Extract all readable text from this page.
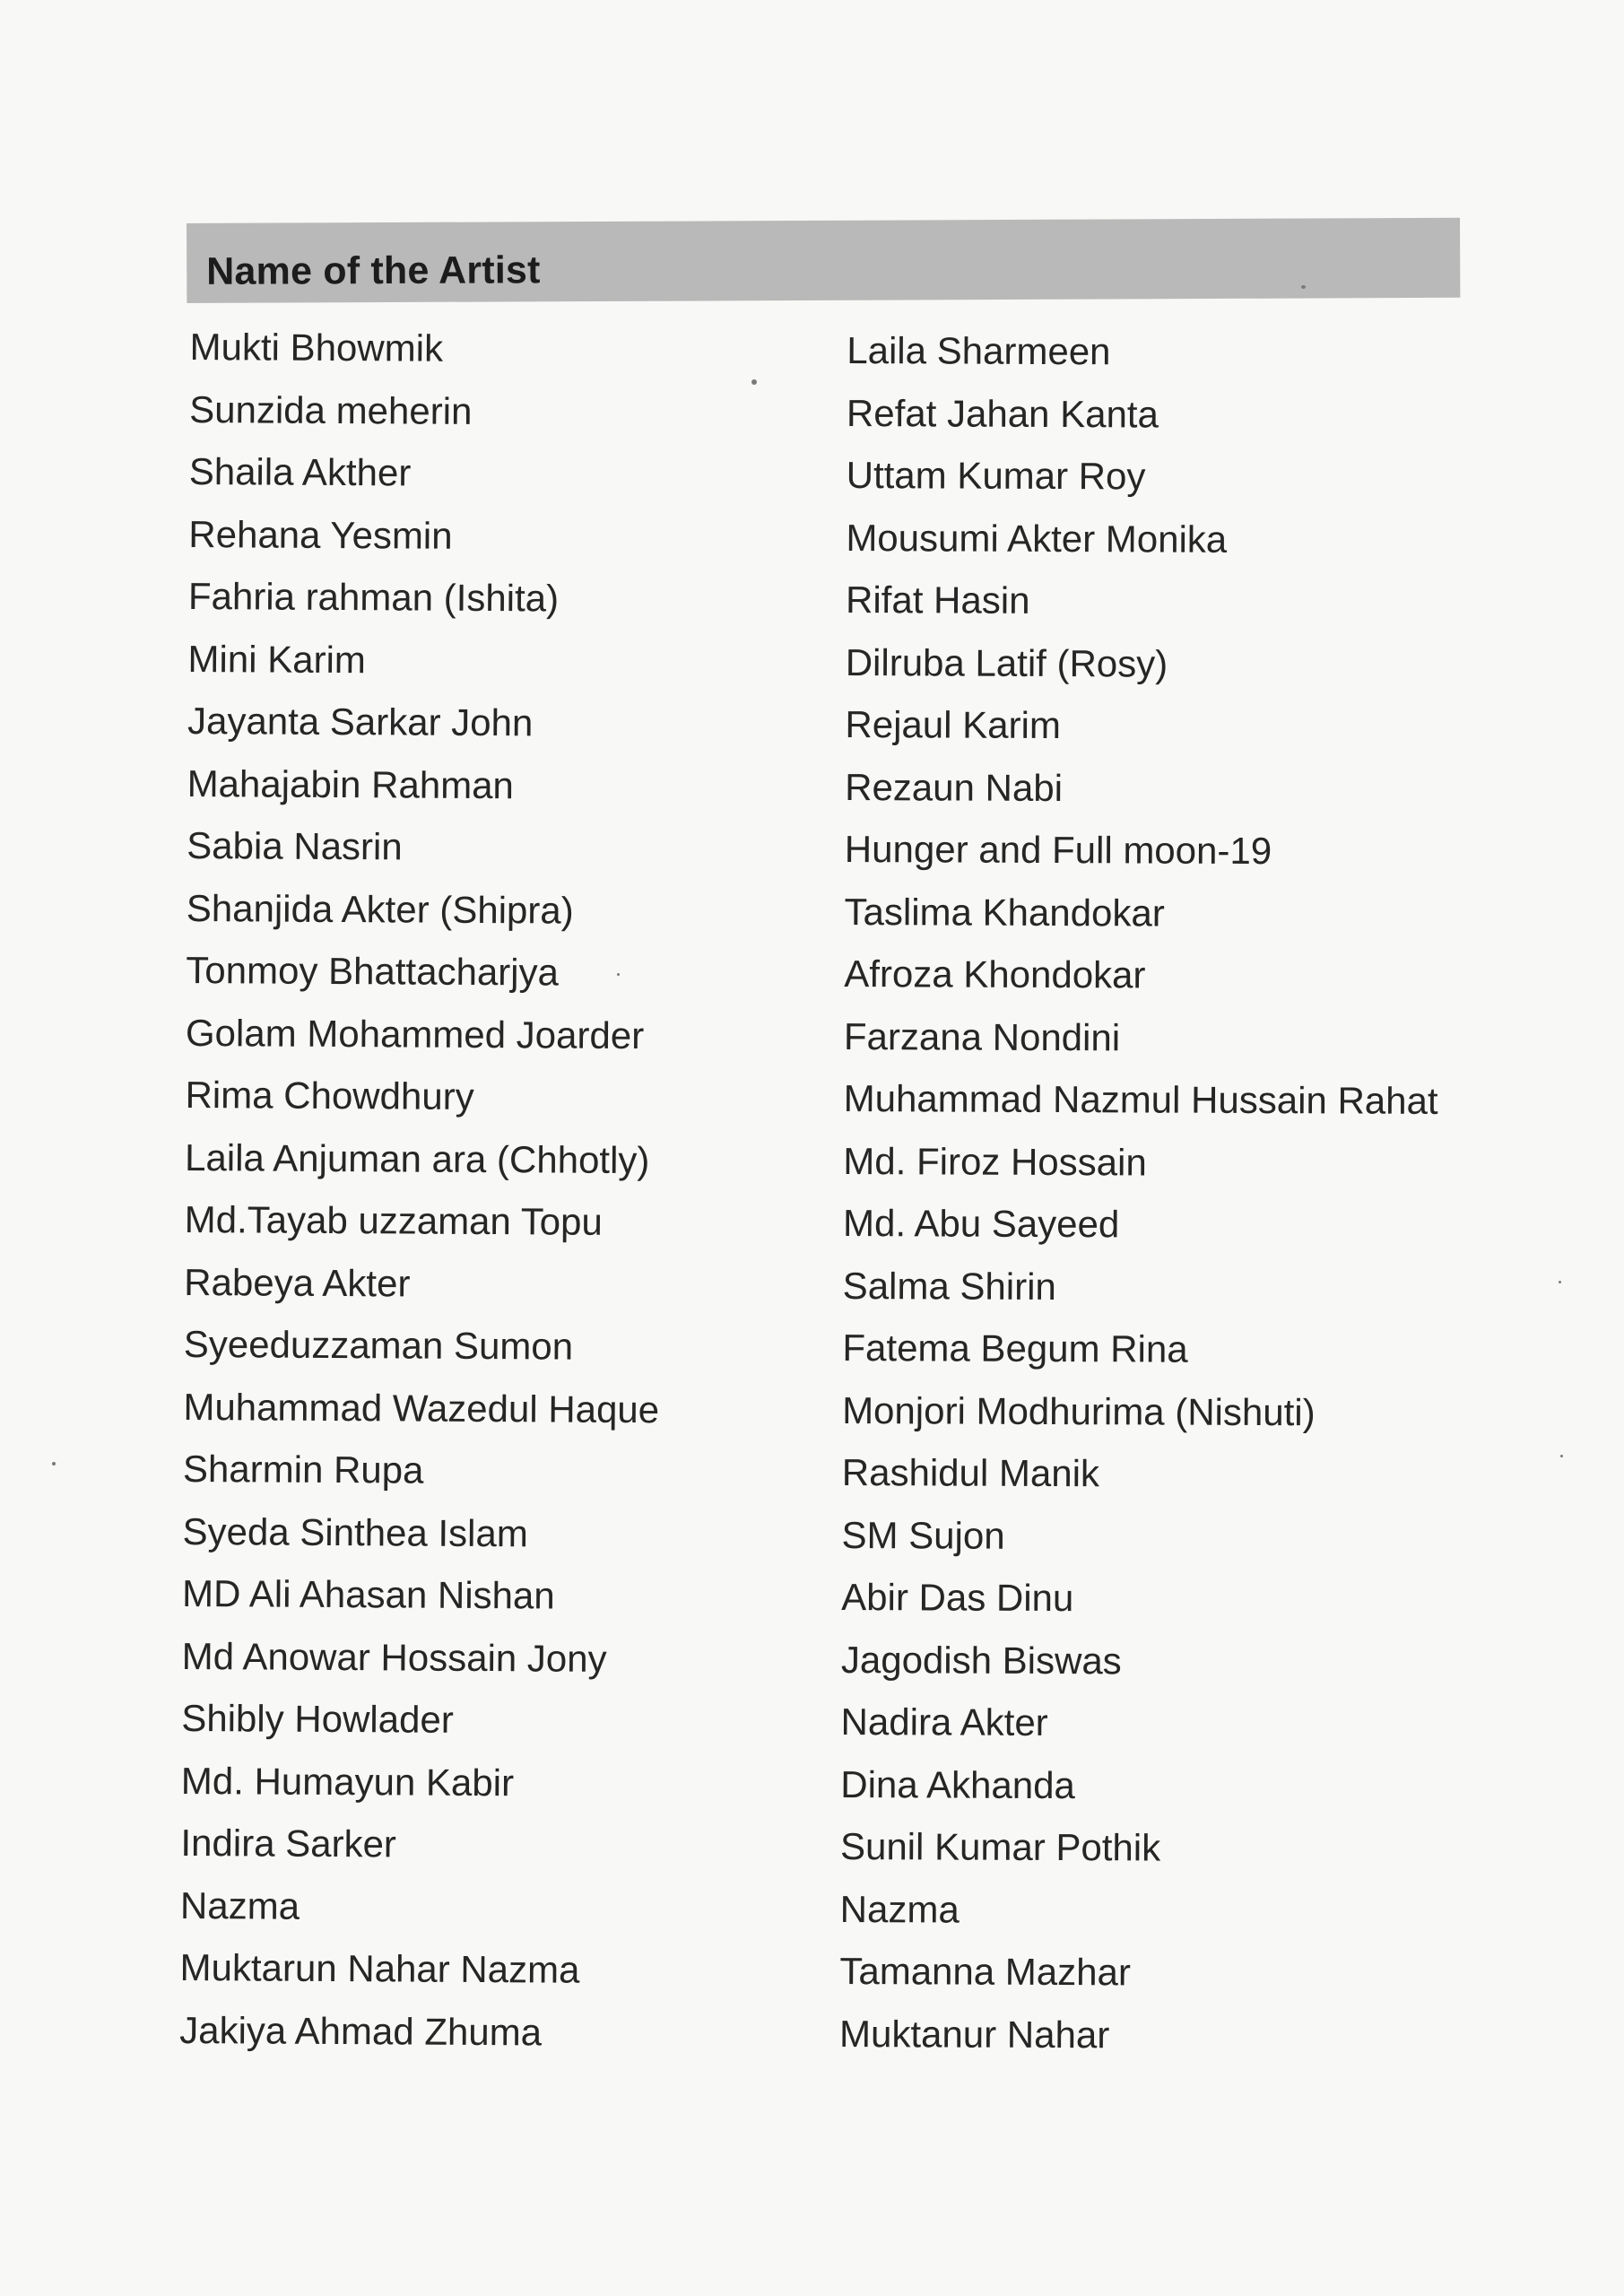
Name of the Artist
Mukti Bhowmik
Sunzida meherin
Shaila Akther
Rehana Yesmin
Fahria rahman (Ishita)
Mini Karim
Jayanta Sarkar John
Mahajabin Rahman
Sabia Nasrin
Shanjida Akter (Shipra)
Tonmoy Bhattacharjya
Golam Mohammed Joarder
Rima Chowdhury
Laila Anjuman ara (Chhotly)
Md.Tayab uzzaman Topu
Rabeya Akter
Syeeduzzaman Sumon
Muhammad Wazedul Haque
Sharmin Rupa
Syeda Sinthea Islam
MD Ali Ahasan Nishan
Md Anowar Hossain Jony
Shibly Howlader
Md. Humayun Kabir
Indira Sarker
Nazma
Muktarun Nahar Nazma
Jakiya Ahmad Zhuma
Laila Sharmeen
Refat Jahan Kanta
Uttam Kumar Roy
Mousumi Akter Monika
Rifat Hasin
Dilruba Latif (Rosy)
Rejaul Karim
Rezaun Nabi
Hunger and Full moon-19
Taslima Khandokar
Afroza Khondokar
Farzana Nondini
Muhammad Nazmul Hussain Rahat
Md. Firoz Hossain
Md. Abu Sayeed
Salma Shirin
Fatema Begum Rina
Monjori Modhurima (Nishuti)
Rashidul Manik
SM Sujon
Abir Das Dinu
Jagodish Biswas
Nadira Akter
Dina Akhanda
Sunil Kumar Pothik
Nazma
Tamanna Mazhar
Muktanur Nahar
